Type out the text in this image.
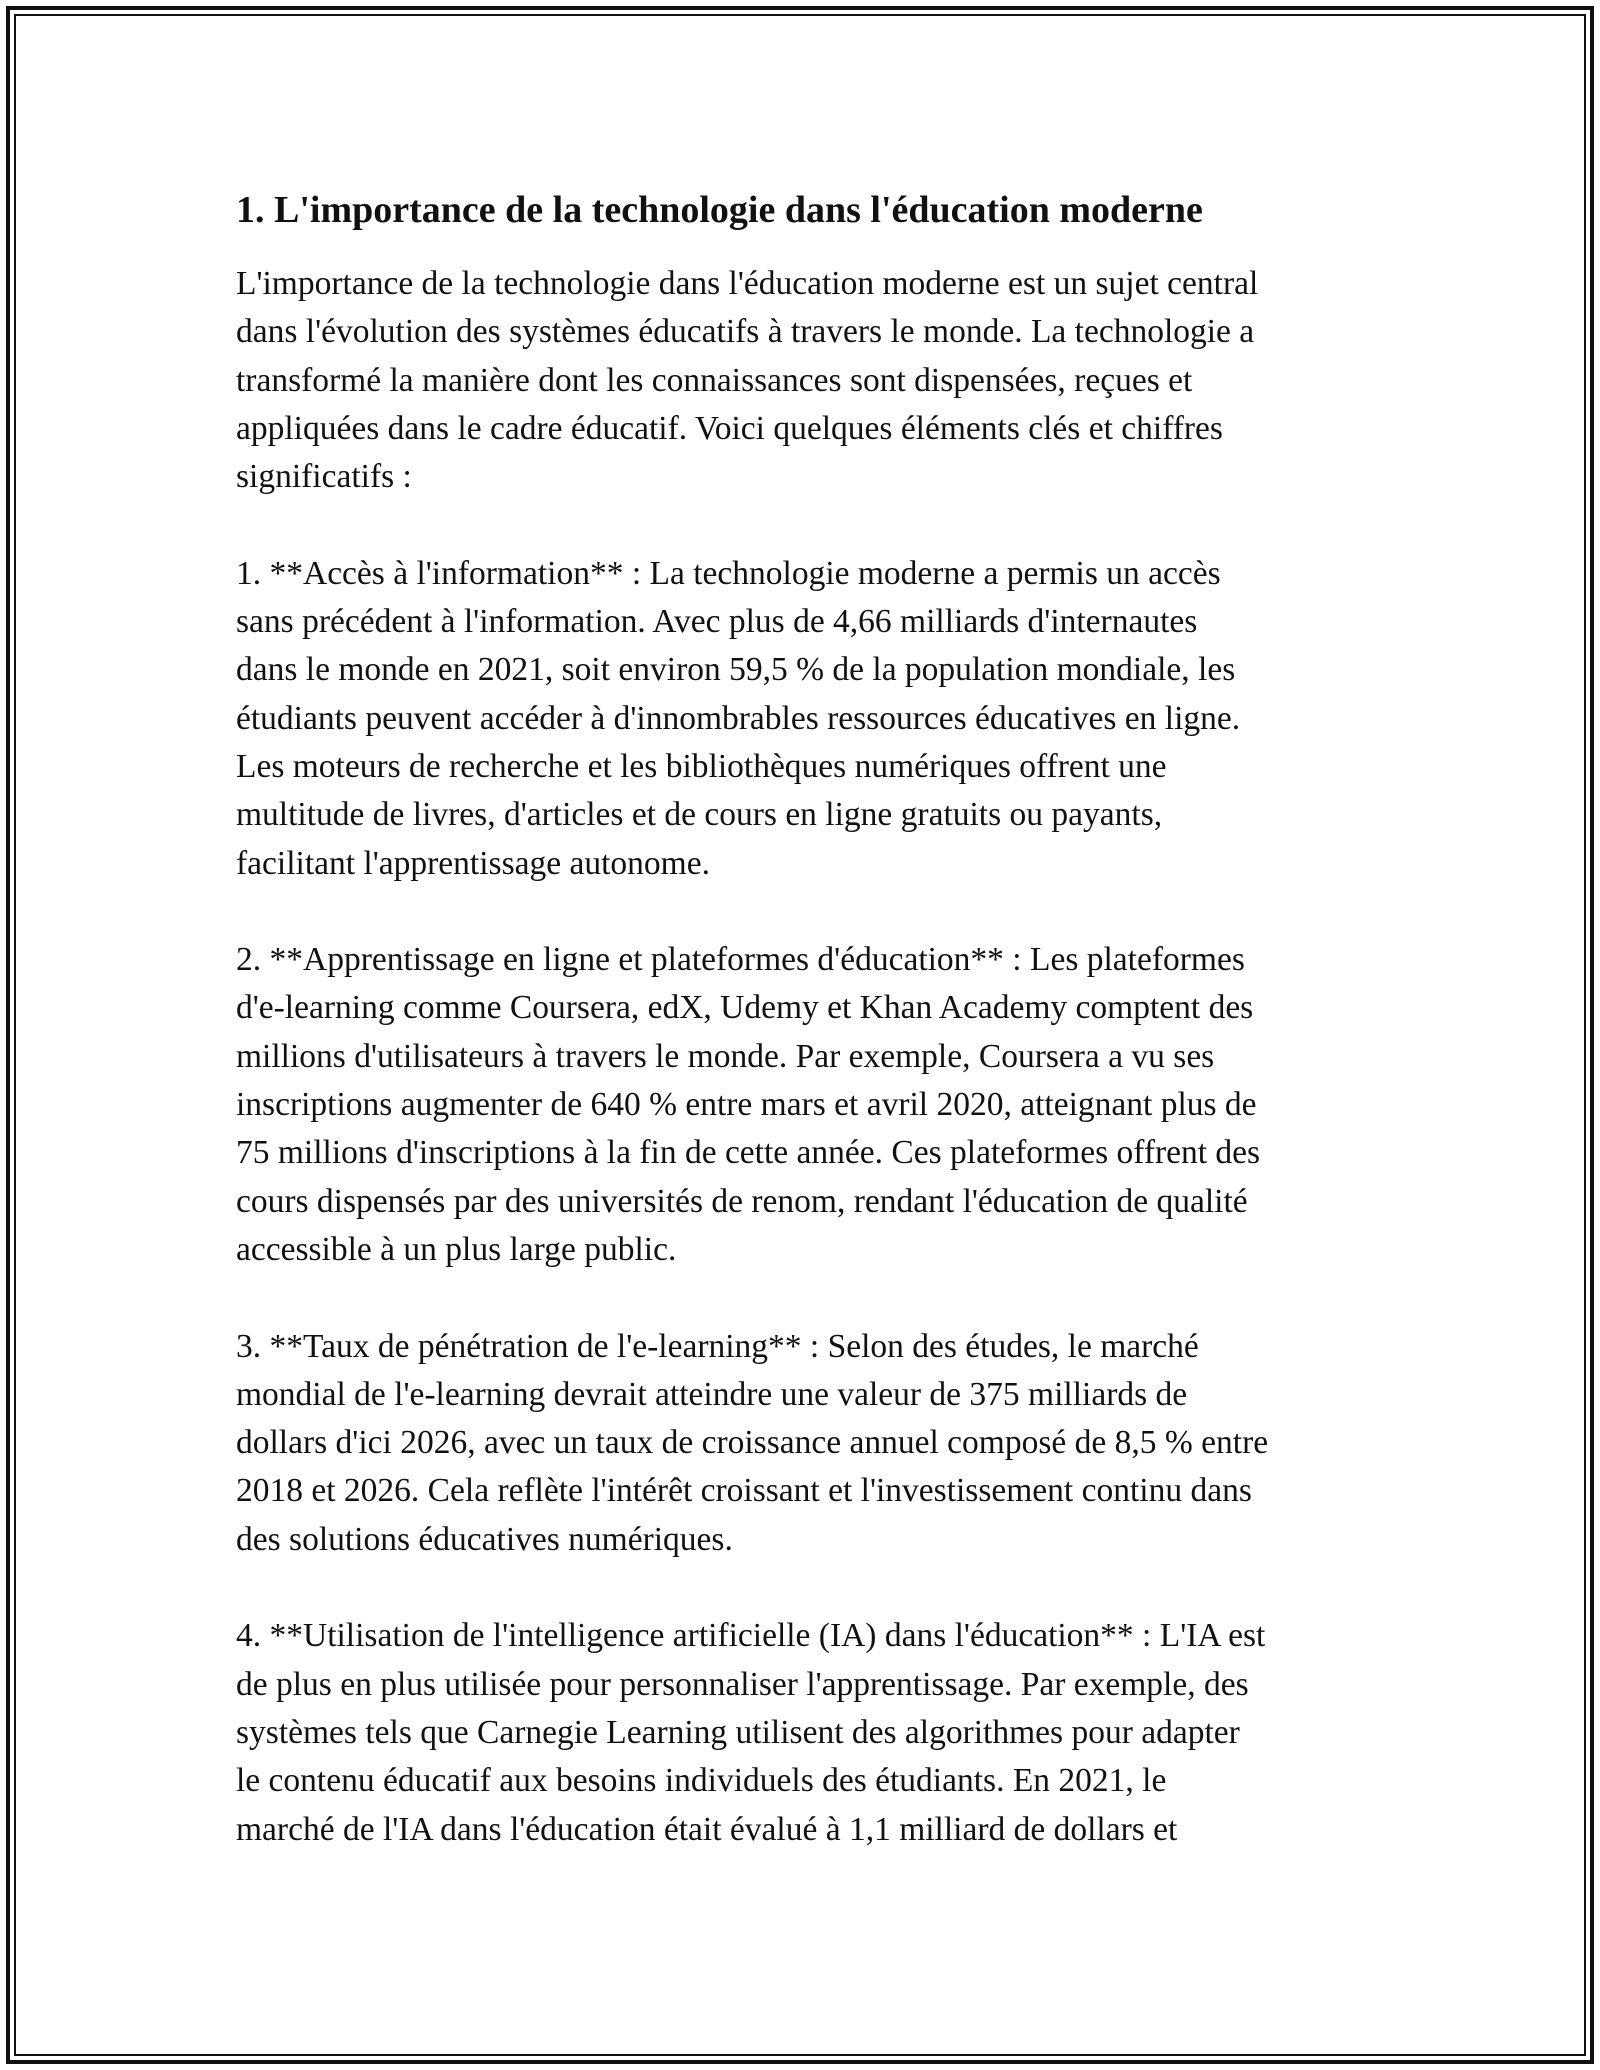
1. L'importance de la technologie dans l'éducation moderne

L'importance de la technologie dans l'éducation moderne est un sujet central
dans l'évolution des systèmes éducatifs à travers le monde. La technologie a
transformé la manière dont les connaissances sont dispensées, reçues et
appliquées dans le cadre éducatif. Voici quelques éléments clés et chiffres
significatifs :

1. **Accès à l'information** : La technologie moderne a permis un accès
sans précédent à l'information. Avec plus de 4,66 milliards d'internautes
dans le monde en 2021, soit environ 59,5 % de la population mondiale, les
étudiants peuvent accéder à d'innombrables ressources éducatives en ligne.
Les moteurs de recherche et les bibliothèques numériques offrent une
multitude de livres, d'articles et de cours en ligne gratuits ou payants,
facilitant l'apprentissage autonome.

2. **Apprentissage en ligne et plateformes d'éducation** : Les plateformes
d'e-learning comme Coursera, edX, Udemy et Khan Academy comptent des
millions d'utilisateurs à travers le monde. Par exemple, Coursera a vu ses
inscriptions augmenter de 640 % entre mars et avril 2020, atteignant plus de
75 millions d'inscriptions à la fin de cette année. Ces plateformes offrent des
cours dispensés par des universités de renom, rendant l'éducation de qualité
accessible à un plus large public.

3. **Taux de pénétration de l'e-learning** : Selon des études, le marché
mondial de l'e-learning devrait atteindre une valeur de 375 milliards de
dollars d'ici 2026, avec un taux de croissance annuel composé de 8,5 % entre
2018 et 2026. Cela reflète l'intérêt croissant et l'investissement continu dans
des solutions éducatives numériques.

4. **Utilisation de l'intelligence artificielle (IA) dans l'éducation** : L'IA est
de plus en plus utilisée pour personnaliser l'apprentissage. Par exemple, des
systèmes tels que Carnegie Learning utilisent des algorithmes pour adapter
le contenu éducatif aux besoins individuels des étudiants. En 2021, le
marché de l'IA dans l'éducation était évalué à 1,1 milliard de dollars et
